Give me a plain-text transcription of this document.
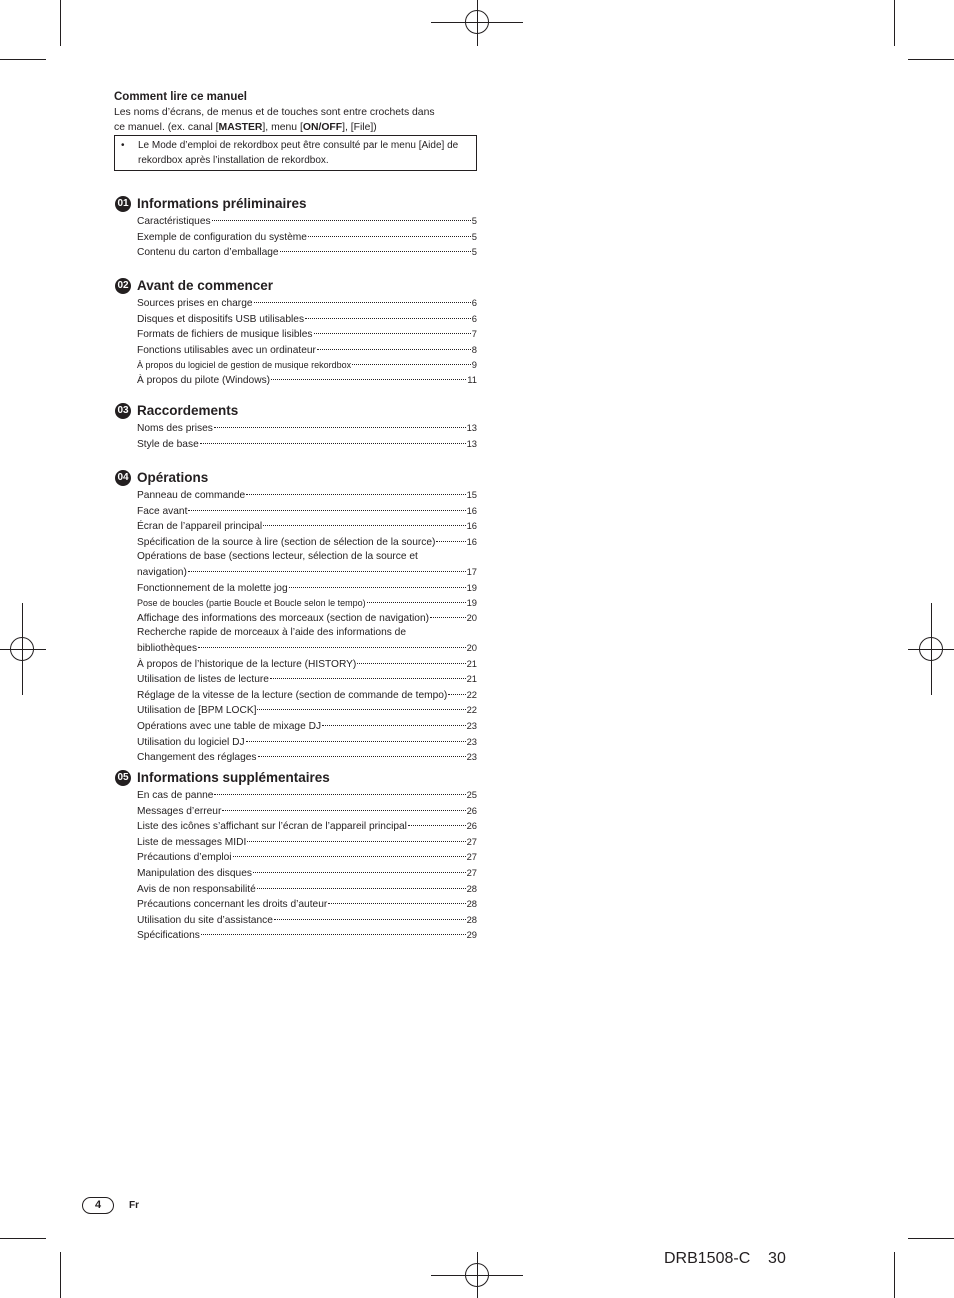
Comment lire ce manuel
Les noms d’écrans, de menus et de touches sont entre crochets dans
ce manuel. (ex. canal [MASTER], menu [ON/OFF], [File])
• Le Mode d’emploi de rekordbox peut être consulté par le menu [Aide] de rekordbox après l’installation de rekordbox.
01 Informations préliminaires
Caractéristiques	5
Exemple de configuration du système	5
Contenu du carton d’emballage	5
02 Avant de commencer
Sources prises en charge	6
Disques et dispositifs USB utilisables	6
Formats de fichiers de musique lisibles	7
Fonctions utilisables avec un ordinateur	8
À propos du logiciel de gestion de musique rekordbox	9
À propos du pilote (Windows)	11
03 Raccordements
Noms des prises	13
Style de base	13
04 Opérations
Panneau de commande	15
Face avant	16
Écran de l’appareil principal	16
Spécification de la source à lire (section de sélection de la source)	16
Opérations de base (sections lecteur, sélection de la source et
navigation)	17
Fonctionnement de la molette jog	19
Pose de boucles (partie Boucle et Boucle selon le tempo)	19
Affichage des informations des morceaux (section de navigation)	20
Recherche rapide de morceaux à l’aide des informations de
bibliothèques	20
À propos de l’historique de la lecture (HISTORY)	21
Utilisation de listes de lecture	21
Réglage de la vitesse de la lecture (section de commande de tempo) 22
Utilisation de [BPM LOCK]	22
Opérations avec une table de mixage DJ	23
Utilisation du logiciel DJ	23
Changement des réglages	23
05 Informations supplémentaires
En cas de panne	25
Messages d’erreur	26
Liste des icônes s’affichant sur l’écran de l’appareil principal	26
Liste de messages MIDI	27
Précautions d’emploi	27
Manipulation des disques	27
Avis de non responsabilité	28
Précautions concernant les droits d’auteur	28
Utilisation du site d’assistance	28
Spécifications	29
4	Fr
DRB1508-C 30
